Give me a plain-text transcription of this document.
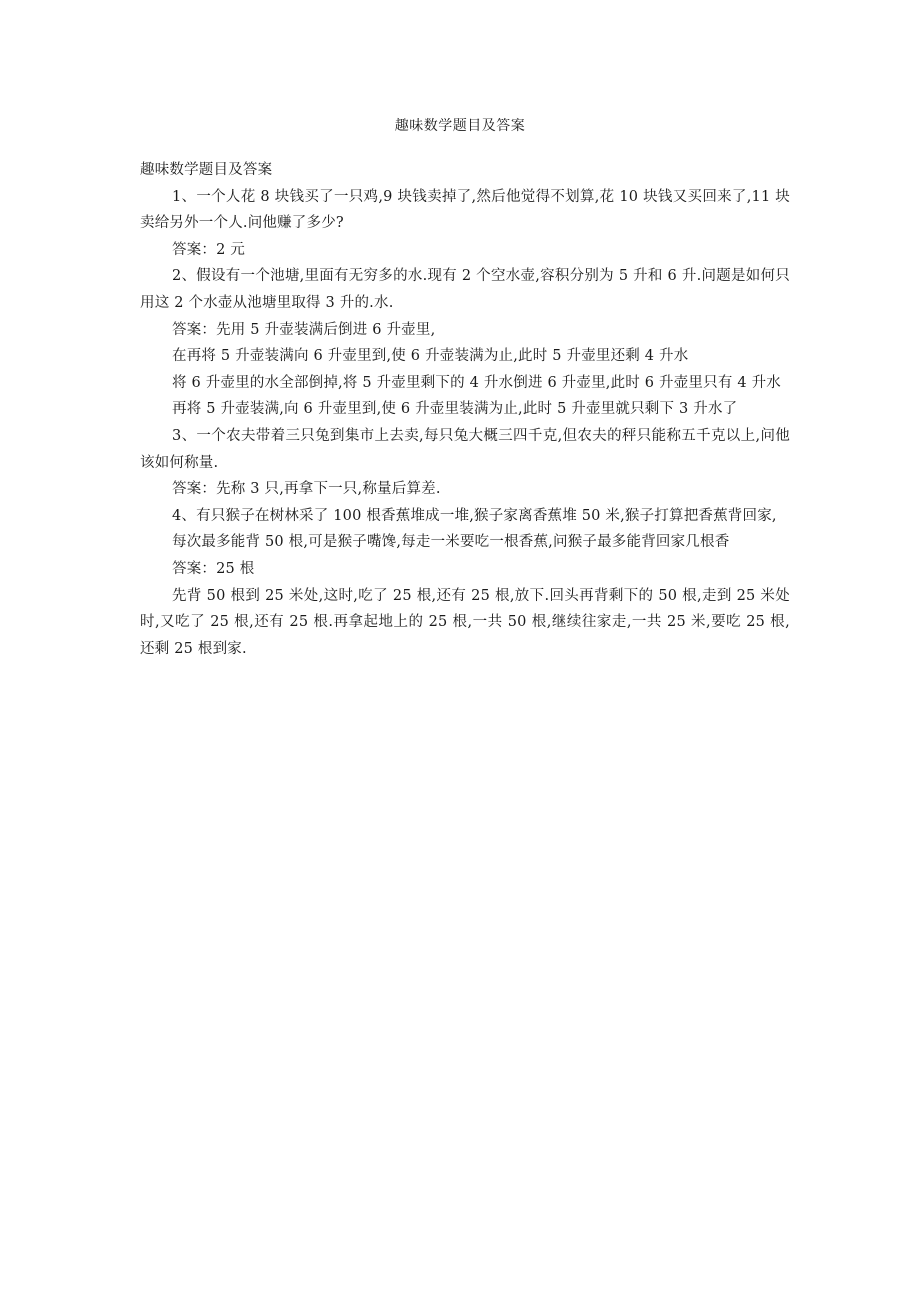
趣味数学题目及答案

趣味数学题目及答案

1、一个人花 8 块钱买了一只鸡,9 块钱卖掉了,然后他觉得不划算,花 10 块钱又买回来了,11 块卖给另外一个人.问他赚了多少?

答案：2 元

2、假设有一个池塘,里面有无穷多的水.现有 2 个空水壶,容积分别为 5 升和 6 升.问题是如何只用这 2 个水壶从池塘里取得 3 升的.水.

答案：先用 5 升壶装满后倒进 6 升壶里,

在再将 5 升壶装满向 6 升壶里到,使 6 升壶装满为止,此时 5 升壶里还剩 4 升水

将 6 升壶里的水全部倒掉,将 5 升壶里剩下的 4 升水倒进 6 升壶里,此时 6 升壶里只有 4 升水

再将 5 升壶装满,向 6 升壶里到,使 6 升壶里装满为止,此时 5 升壶里就只剩下 3 升水了

3、一个农夫带着三只兔到集市上去卖,每只兔大概三四千克,但农夫的秤只能称五千克以上,问他该如何称量.

答案：先称 3 只,再拿下一只,称量后算差.

4、有只猴子在树林采了 100 根香蕉堆成一堆,猴子家离香蕉堆 50 米,猴子打算把香蕉背回家,

每次最多能背 50 根,可是猴子嘴馋,每走一米要吃一根香蕉,问猴子最多能背回家几根香

答案：25 根

先背 50 根到 25 米处,这时,吃了 25 根,还有 25 根,放下.回头再背剩下的 50 根,走到 25 米处时,又吃了 25 根,还有 25 根.再拿起地上的 25 根,一共 50 根,继续往家走,一共 25 米,要吃 25 根,还剩 25 根到家.
